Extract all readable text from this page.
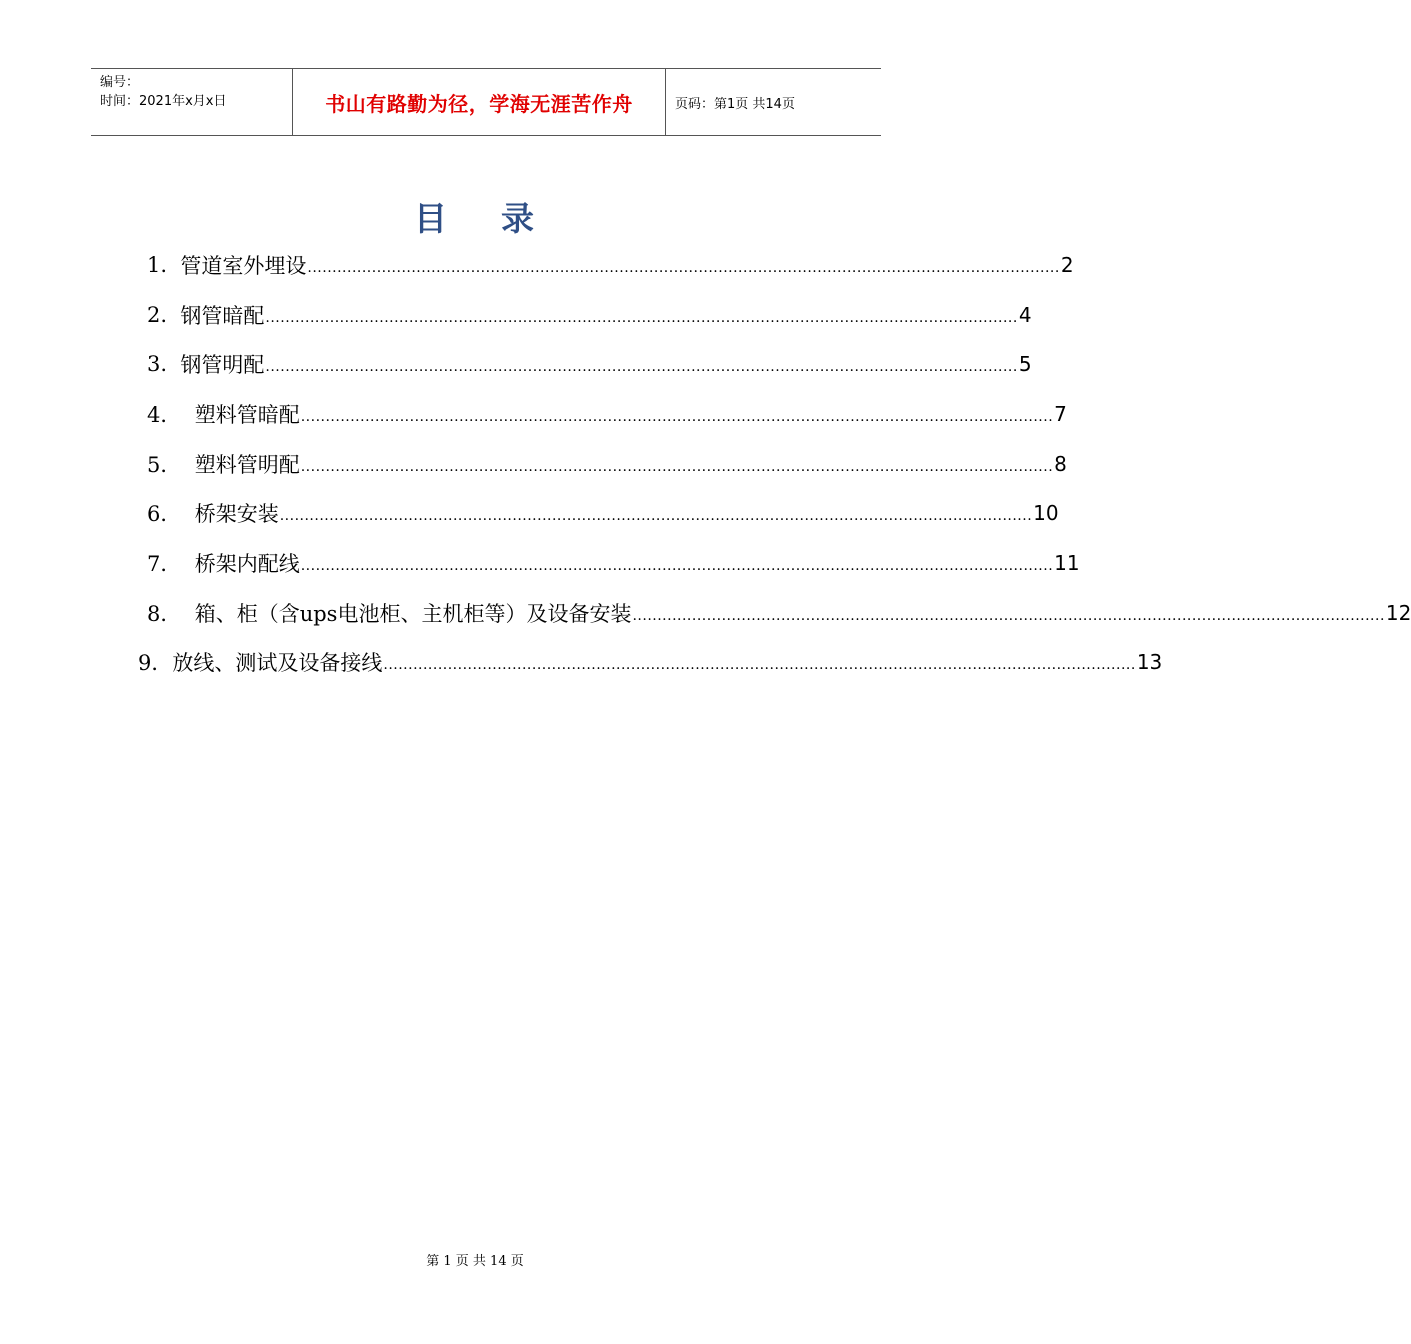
编号：
时间：2021年x月x日	书山有路勤为径，学海无涯苦作舟	页码：第1页 共14页
目 录
1. 管道室外埋设 ........................................................................................................................................................ 2
2. 钢管暗配 ........................................................................................................................................................ 4
3. 钢管明配 ........................................................................................................................................................ 5
4． 塑料管暗配 ........................................................................................................................................................ 7
5． 塑料管明配 ........................................................................................................................................................ 8
6． 桥架安装 ........................................................................................................................................................ 10
7． 桥架内配线 ........................................................................................................................................................ 11
8． 箱、柜（含ups电池柜、主机柜等）及设备安装 ........................................................................................................................................................ 12
9． 放线、测试及设备接线 ........................................................................................................................................................ 13
第 1 页 共 14 页
